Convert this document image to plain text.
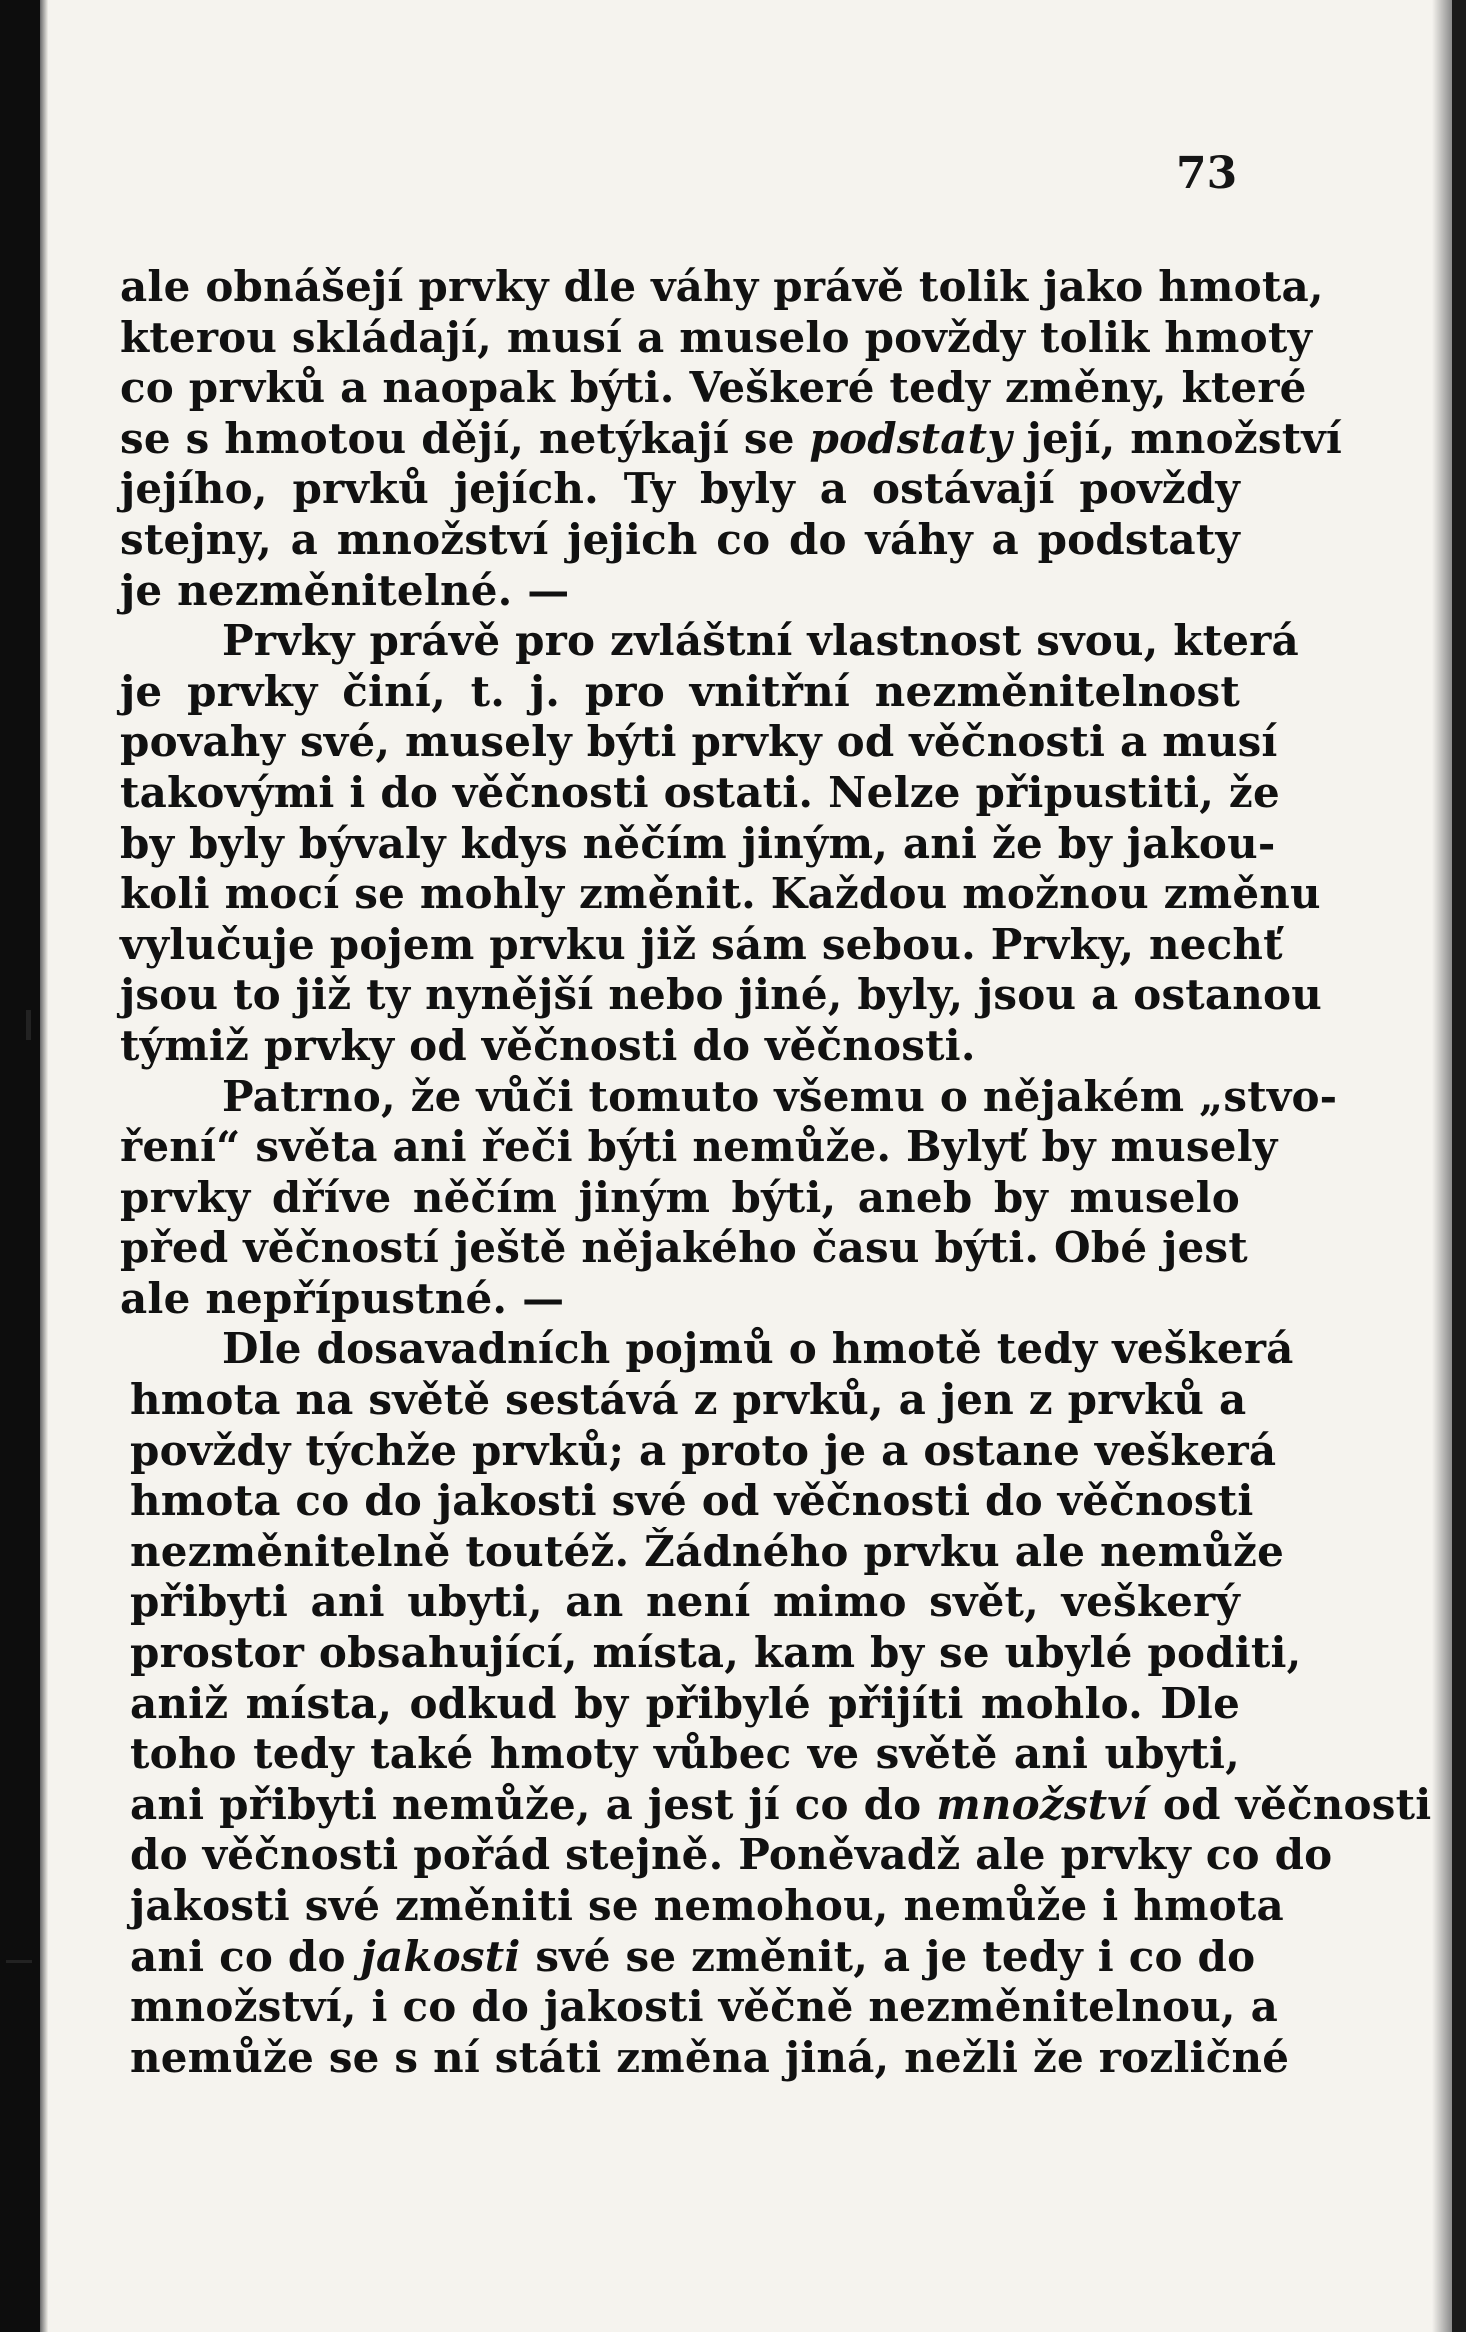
73
ale obnášejí prvky dle váhy právě tolik jako hmota,
kterou skládají, musí a muselo povždy tolik hmoty
co prvků a naopak býti. Veškeré tedy změny, které
se s hmotou dějí, netýkají se podstaty její, množství
jejího, prvků jejích. Ty byly a ostávají povždy
stejny, a množství jejich co do váhy a podstaty
je nezměnitelné. —
Prvky právě pro zvláštní vlastnost svou, která
je prvky činí, t. j. pro vnitřní nezměnitelnost
povahy své, musely býti prvky od věčnosti a musí
takovými i do věčnosti ostati. Nelze připustiti, že
by byly bývaly kdys něčím jiným, ani že by jakou-
koli mocí se mohly změnit. Každou možnou změnu
vylučuje pojem prvku již sám sebou. Prvky, nechť
jsou to již ty nynější nebo jiné, byly, jsou a ostanou
týmiž prvky od věčnosti do věčnosti.
Patrno, že vůči tomuto všemu o nějakém „stvo-
ření“ světa ani řeči býti nemůže. Bylyť by musely
prvky dříve něčím jiným býti, aneb by muselo
před věčností ještě nějakého času býti. Obé jest
ale nepřípustné. —
Dle dosavadních pojmů o hmotě tedy veškerá
hmota na světě sestává z prvků, a jen z prvků a
povždy týchže prvků; a proto je a ostane veškerá
hmota co do jakosti své od věčnosti do věčnosti
nezměnitelně toutéž. Žádného prvku ale nemůže
přibyti ani ubyti, an není mimo svět, veškerý
prostor obsahující, místa, kam by se ubylé poditi,
aniž místa, odkud by přibylé přijíti mohlo. Dle
toho tedy také hmoty vůbec ve světě ani ubyti,
ani přibyti nemůže, a jest jí co do množství od věčnosti
do věčnosti pořád stejně. Poněvadž ale prvky co do
jakosti své změniti se nemohou, nemůže i hmota
ani co do jakosti své se změnit, a je tedy i co do
množství, i co do jakosti věčně nezměnitelnou, a
nemůže se s ní státi změna jiná, nežli že rozličné
